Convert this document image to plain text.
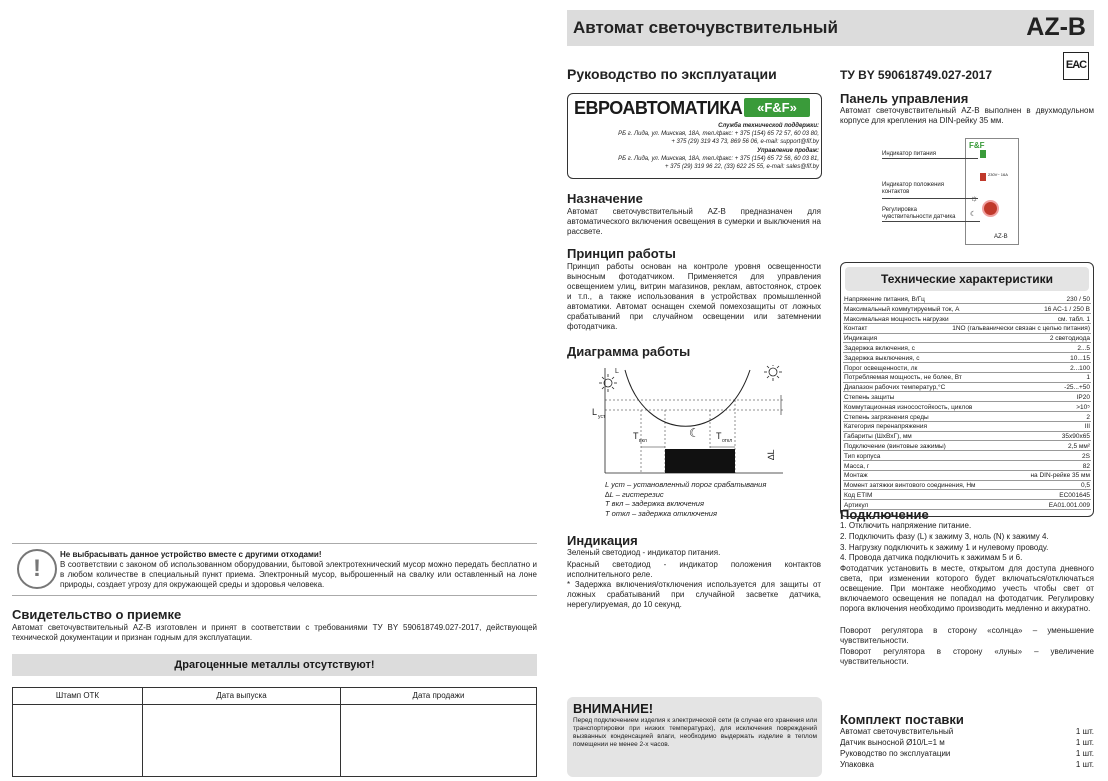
Автомат светочувствительный	AZ-B
Руководство по эксплуатации	ТУ BY 590618749.027-2017
EAC
ЕВРОАВТОМАТИКА	«F&F»
Служба технической поддержки:
РБ г. Лида, ул. Минская, 18А, тел./факс: + 375 (154) 65 72 57, 60 03 80,
+ 375 (29) 319 43 73, 869 56 06, e-mail: support@fif.by
Управление продаж:
РБ г. Лида, ул. Минская, 18А, тел./факс: + 375 (154) 65 72 56, 60 03 81,
+ 375 (29) 319 96 22, (33) 622 25 55, e-mail: sales@fif.by
Назначение
Автомат светочувствительный AZ-B предназначен для автоматического включения освещения в сумерки и выключения на рассвете.
Принцип работы
Принцип работы основан на контроле уровня освещенности выносным фотодатчиком. Применяется для управления освещением улиц, витрин магазинов, реклам, автостоянок, строек и т.п., а также использования в устройствах промышленной автоматики. Автомат оснащен схемой помехозащиты от ложных срабатываний при случайном освещении или затемнении фотодатчика.
Диаграмма работы
☾
L
L уст
T вкл	T откл
∆L
L уст – установленный порог срабатывания
∆L – гистерезис
T вкл – задержка включения
T откл – задержка отключения
Индикация
Зеленый светодиод - индикатор питания.
Красный светодиод - индикатор положения контактов исполнительного реле.
* Задержка включения/отключения используется для защиты от ложных срабатываний при случайной засветке датчика, нерегулируемая, до 10 секунд.
ВНИМАНИЕ!
Перед подключением изделия к электрической сети (в случае его хранения или транспортировки при низких температурах), для исключения повреждений вызванных конденсацией влаги, необходимо выдержать изделие в теплом помещении не менее 2-х часов.
Панель управления
Автомат светочувствительный AZ-B выполнен в двухмодульном корпусе для крепления на DIN-рейку 35 мм.
F&F
230V~ 16A
☼
☾
AZ-B
Индикатор питания
Индикатор положения контактов
Регулировка чувствительности датчика
Технические характеристики
Напряжение питания, В/Гц	230 / 50
Максимальный коммутируемый ток, А	16 AC-1 / 250 В
Максимальная мощность нагрузки	см. табл. 1
Контакт	1NO (гальванически связан с целью питания)
Индикация	2 светодиода
Задержка включения, с	2...5
Задержка выключения, с	10...15
Порог освещенности, лк	2...100
Потребляемая мощность, не более, Вт	1
Диапазон рабочих температур,°С	-25...+50
Степень защиты	IP20
Коммутационная износостойкость, циклов	>10⁵
Степень загрязнения среды	2
Категория перенапряжения	III
Габариты (ШхВхГ), мм	35х90х65
Подключение (винтовые зажимы)	2,5 мм²
Тип корпуса	2S
Масса, г	82
Монтаж	на DIN-рейке 35 мм
Момент затяжки винтового соединения, Нм	0,5
Код ETIM	EC001645
Артикул	EA01.001.009
Подключение
1. Отключить напряжение питание.
2. Подключить фазу (L) к зажиму 3, ноль (N) к зажиму 4.
3. Нагрузку подключить к зажиму 1 и нулевому проводу.
4. Провода датчика подключить к зажимам 5 и 6.
Фотодатчик установить в месте, открытом для доступа дневного света, при изменении которого будет включаться/отключаться освещение. При монтаже необходимо учесть чтобы свет от включаемого освещения не попадал на фотодатчик. Регулировку порога включения необходимо производить медленно и аккуратно.
Поворот регулятора в сторону «солнца» – уменьшение чувствительности.
Поворот регулятора в сторону «луны» – увеличение чувствительности.
Комплект поставки
Автомат светочувствительный	1 шт.
Датчик выносной Ø10/L=1 м	1 шт.
Руководство по эксплуатации	1 шт.
Упаковка	1 шт.
!
Не выбрасывать данное устройство вместе с другими отходами!
В соответствии с законом об использованном оборудовании, бытовой электротехнический мусор можно передать бесплатно и в любом количестве в специальный пункт приема. Электронный мусор, выброшенный на свалку или оставленный на лоне природы, создает угрозу для окружающей среды и здоровья человека.
Свидетельство о приемке
Автомат светочувствительный AZ-B изготовлен и принят в соответствии с требованиями ТУ BY 590618749.027-2017, действующей технической документации и признан годным для эксплуатации.
Драгоценные металлы отсутствуют!
Штамп ОТК	Дата выпуска	Дата продажи
